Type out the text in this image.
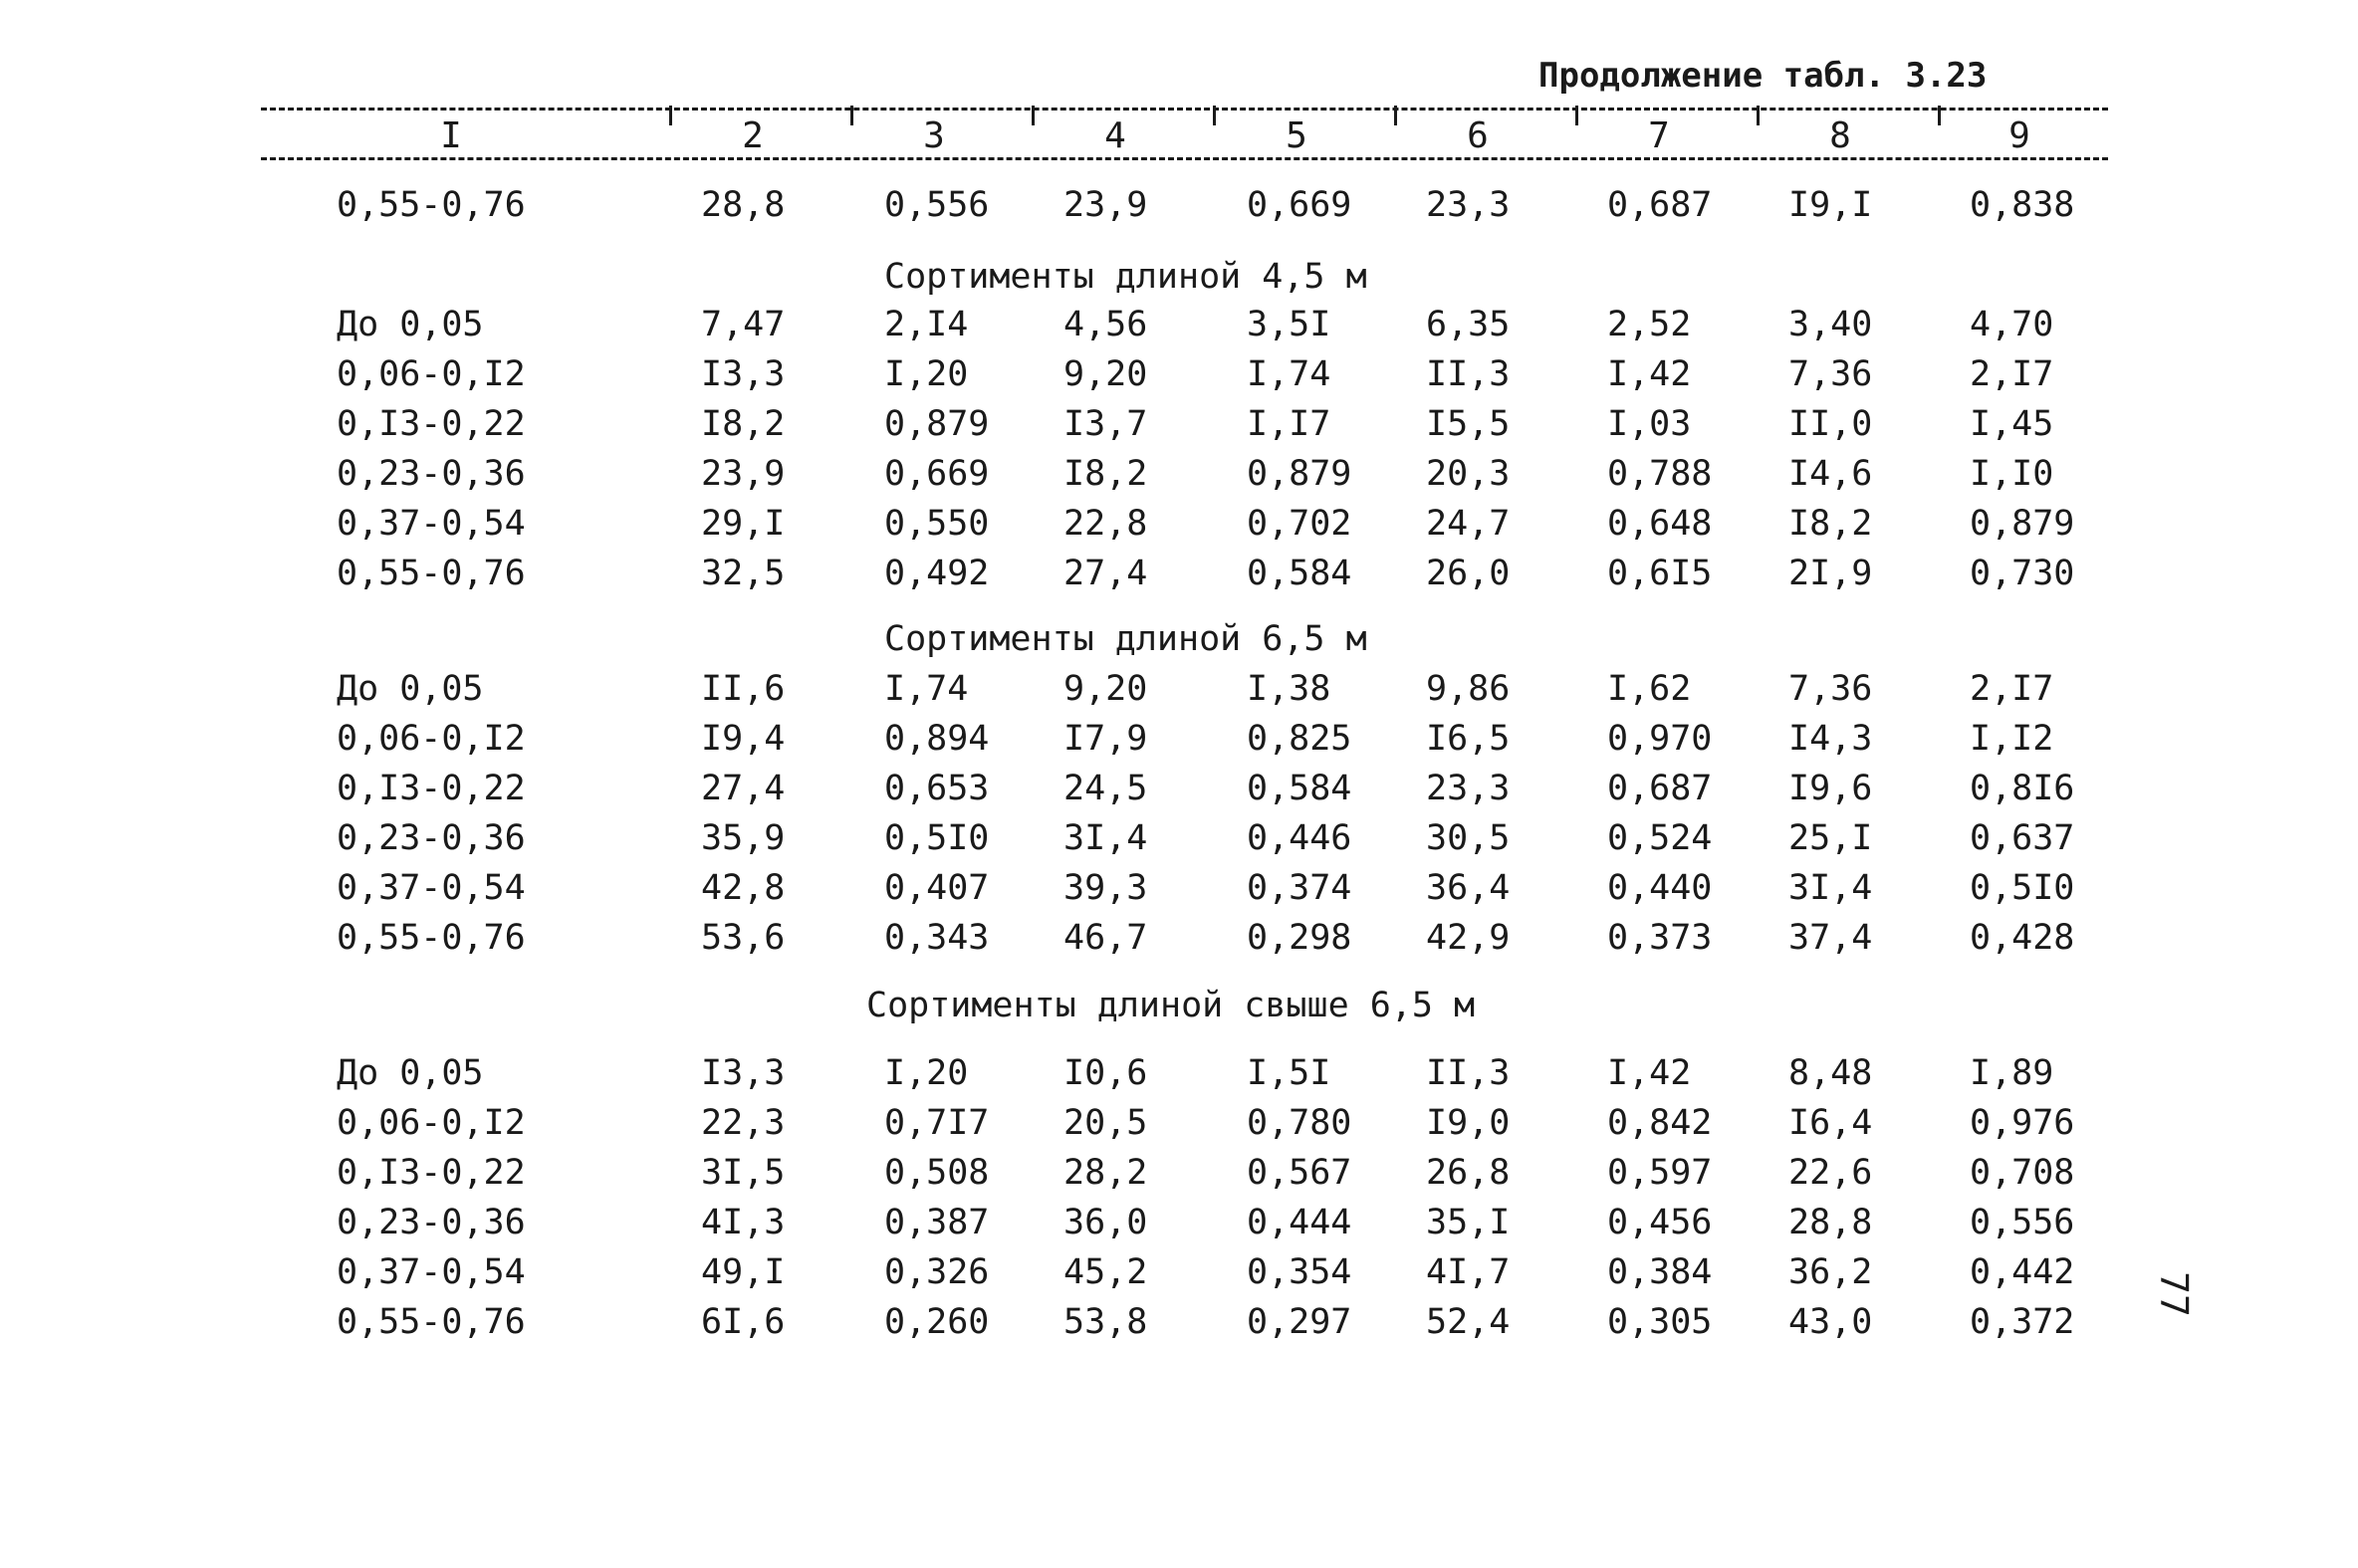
Продолжение табл. 3.23
I	2	3	4	5	6	7	8	9
0,55-0,76	28,8	0,556 23,9	0,669 23,3	0,687 I9,I	0,838
Сортименты длиной 4,5 м
До 0,05	7,47	2,I4	4,56	3,5I	6,35	2,52	3,40	4,70
0,06-0,I2	I3,3	I,20	9,20	I,74	II,3	I,42	7,36	2,I7
0,I3-0,22	I8,2	0,879 I3,7	I,I7	I5,5	I,03	II,0	I,45
0,23-0,36	23,9	0,669 I8,2	0,879 20,3	0,788 I4,6	I,I0
0,37-0,54	29,I	0,550 22,8	0,702 24,7	0,648 I8,2	0,879
0,55-0,76	32,5	0,492 27,4	0,584 26,0	0,6I5 2I,9	0,730
Сортименты длиной 6,5 м
До 0,05	II,6	I,74	9,20	I,38	9,86	I,62	7,36	2,I7
0,06-0,I2	I9,4	0,894 I7,9	0,825 I6,5	0,970 I4,3	I,I2
0,I3-0,22	27,4	0,653 24,5	0,584 23,3	0,687 I9,6	0,8I6
0,23-0,36	35,9	0,5I0 3I,4	0,446 30,5	0,524 25,I	0,637
0,37-0,54	42,8	0,407 39,3	0,374 36,4	0,440 3I,4	0,5I0
0,55-0,76	53,6	0,343 46,7	0,298 42,9	0,373 37,4	0,428
Сортименты длиной свыше 6,5 м
До 0,05	I3,3	I,20	I0,6	I,5I	II,3	I,42	8,48	I,89
0,06-0,I2	22,3	0,7I7 20,5	0,780 I9,0	0,842 I6,4	0,976
0,I3-0,22	3I,5	0,508 28,2	0,567 26,8	0,597 22,6	0,708
0,23-0,36	4I,3	0,387 36,0	0,444 35,I	0,456 28,8	0,556
0,37-0,54	49,I	0,326 45,2	0,354 4I,7	0,384 36,2	0,442
0,55-0,76	6I,6	0,260 53,8	0,297 52,4	0,305 43,0	0,372
77
